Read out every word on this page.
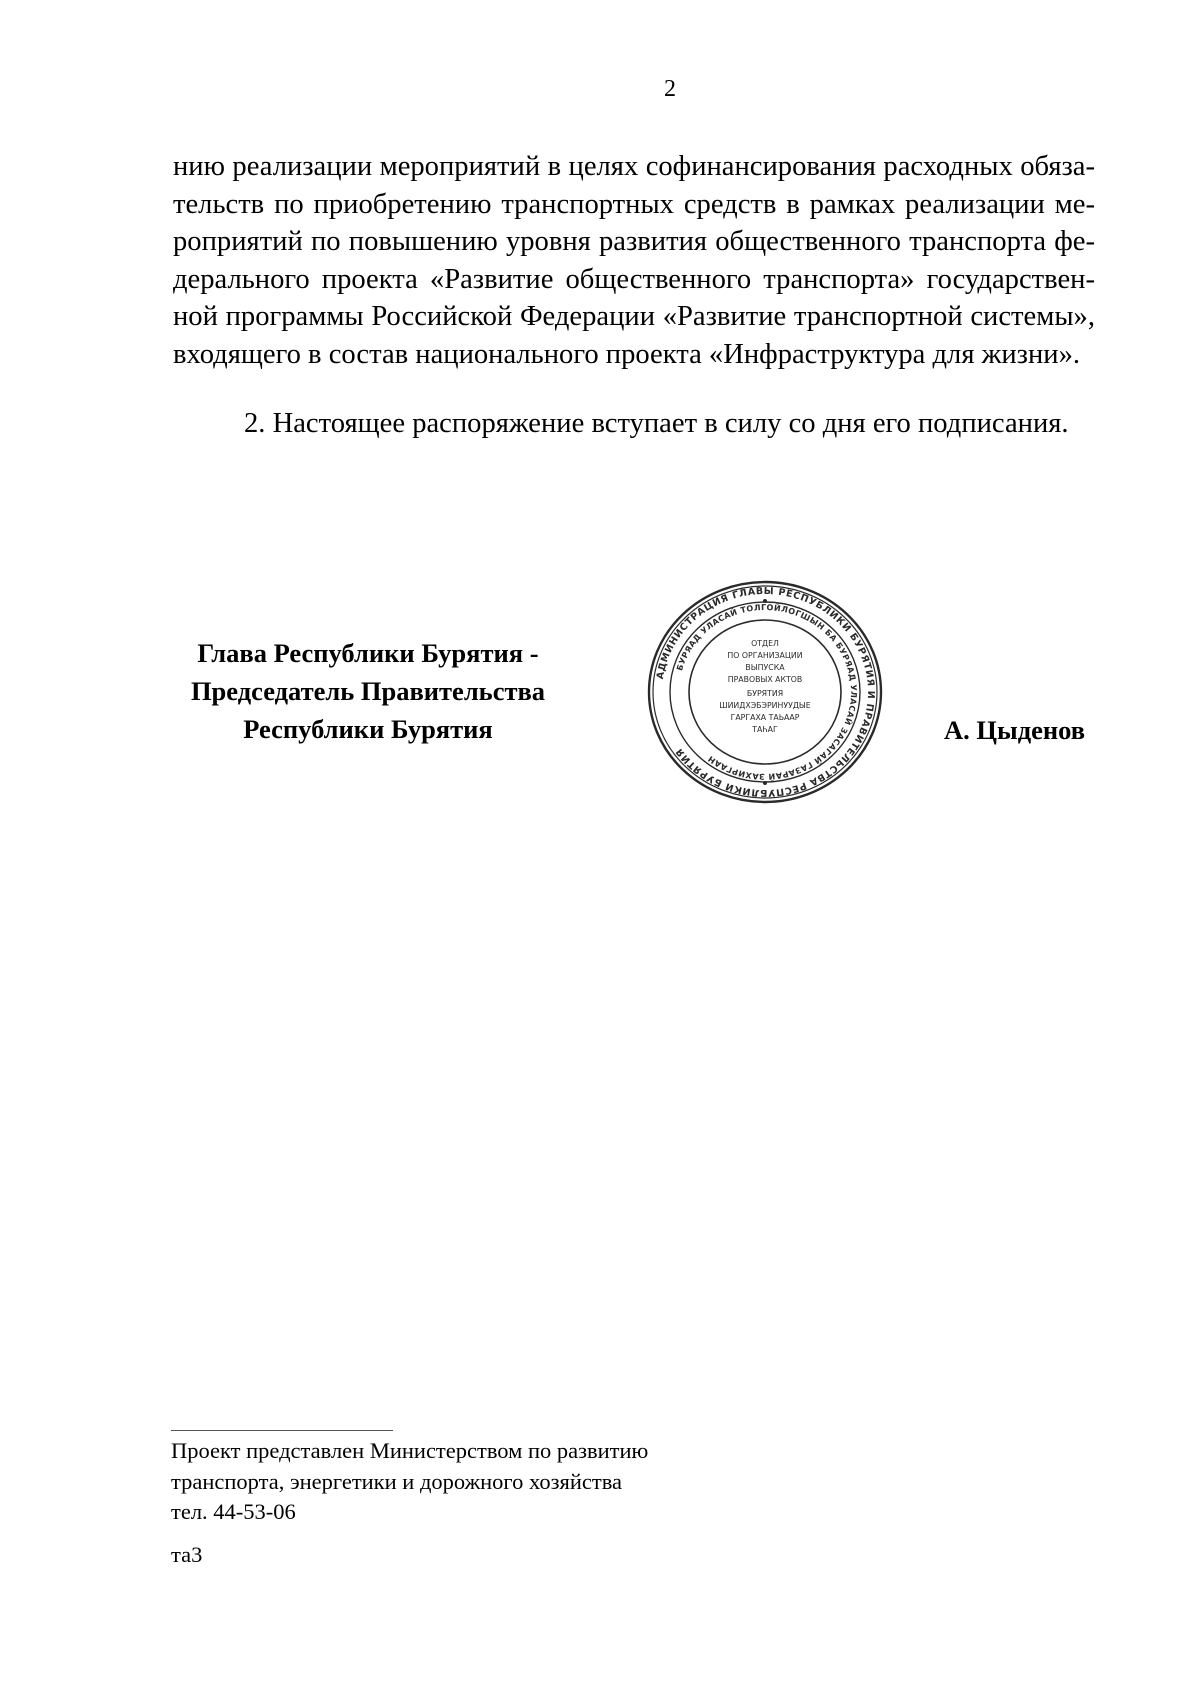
2
нию реализации мероприятий в целях софинансирования расходных обяза-
тельств по приобретению транспортных средств в рамках реализации ме-
роприятий по повышению уровня развития общественного транспорта фе-
дерального проекта «Развитие общественного транспорта» государствен-
ной программы Российской Федерации «Развитие транспортной системы»,
входящего в состав национального проекта «Инфраструктура для жизни».
2. Настоящее распоряжение вступает в силу со дня его подписания.
Глава Республики Бурятия -
Председатель Правительства
Республики Бурятия
АДМИНИСТРАЦИЯ ГЛАВЫ РЕСПУБЛИКИ БУРЯТИЯ И ПРАВИТЕЛЬСТВА РЕСПУБЛИКИ БУРЯТИЯ
БУРЯАД УЛАСАЙ ТОЛГОЙЛОГШЫН БА БУРЯАД УЛАСАЙ ЗАСАГАЙ ГАЗАРАЙ ЗАХИРГААН
ОТДЕЛ
ПО ОРГАНИЗАЦИИ
ВЫПУСКА
ПРАВОВЫХ АКТОВ
БУРЯТИЯ
ШИИДХЭБЭРИНУУДЫЕ
ГАРГАХА ТАЬААР
ТАҺАГ	А. Цыденов
Проект представлен Министерством по развитию
транспорта, энергетики и дорожного хозяйства
тел. 44-53-06
та3
